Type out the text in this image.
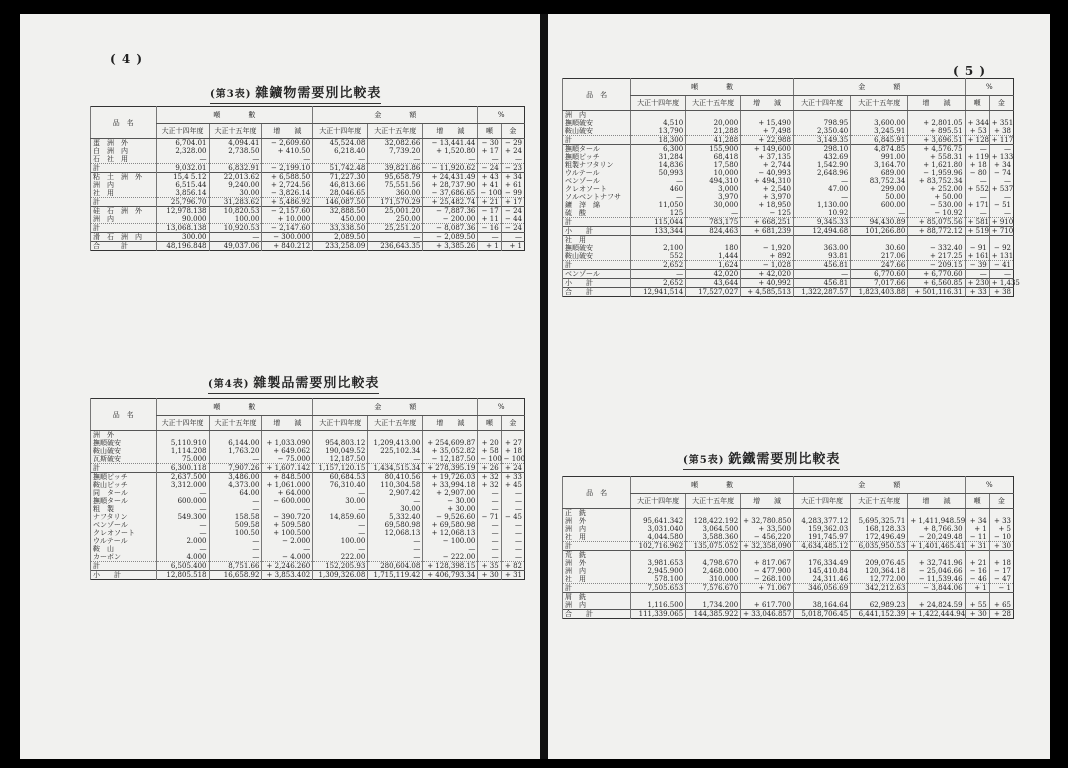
( 4 )
(第3表) 雜鑛物需要別比較表
品　名	噸　　　　數			金　　　　額			%	
	大正十四年度	大正十五年度	增　　減	大正十四年度	大正十五年度	增　　減	噸	金
蛋　洲　外	6,704.01	4,094.41	− 2,609.60	45,524.08	32,082.66	− 13,441.44	− 30	− 29
白　洲　内	2,328.00	2,738.50	+ 410.50	6,218.40	7,739.20	+ 1,520.80	+ 17	+ 24
石　社　用	—	—	—	—	—	—	—	—
計	9,032.01	6,832.91	− 2,199.10	51,742.48	39,821.86	− 11,920.62	− 24	− 23
粘　土　洲　外	15,4 5.12	22,013.62	+ 6,588.50	71,227.30	95,658.79	+ 24,431.49	+ 43	+ 34
洲　内	6,515.44	9,240.00	+ 2,724.56	46,813.66	75,551.56	+ 28,737.90	+ 41	+ 61
社　用	3,856.14	30.00	− 3,826.14	28,046.65	360.00	− 37,686.65	− 100	− 99
計	25,796.70	31,283.62	+ 5,486.92	146,087.50	171,570.29	+ 25,482.74	+ 21	+ 17
硅　石　洲　外	12,978.138	10,820.53	− 2,157.60	32,888.50	25,001.20	− 7,887.36	− 17	− 24
洲　内	90.000	100.00	+ 10.000	450.00	250.00	− 200.00	+ 11	− 44
計	13,068.138	10,920.53	− 2,147.60	33,338.50	25,251.20	− 8,087.36	− 16	− 24
滑　石　洲　内	300.00	—	− 300.000	2,089.50	—	− 2,089.50	—	—
合　　　計	48,196.848	49,037.06	+ 840.212	233,258.09	236,643.35	+ 3,385.26	+ 1	+ 1
(第4表) 雜製品需要別比較表
品　名	噸　　　　數			金　　　　額			%	
	大正十四年度	大正十五年度	增　　減	大正十四年度	大正十五年度	增　　減	噸	金
洲　外								
撫順破安	5,110.910	6,144.00	+ 1,033.090	954,803.12	1,209,413.00	+ 254,609.87	+ 20	+ 27
鞍山破安	1,114.208	1,763.20	+ 649.062	190,049.52	225,102.34	+ 35,052.82	+ 58	+ 18
瓦斯破安	75.000	—	− 75.000	12,187.50	—	− 12,187.50	− 100	− 100
計	6,300.118	7,907.26	+ 1,607.142	1,157,120.15	1,434,515.34	+ 278,395.19	+ 26	+ 24
撫順ピッチ	2,637.500	3,486.00	+ 848.500	60,684.53	80,410.56	+ 19,726.03	+ 32	+ 33
鞍山ピッチ	3,312.000	4,373.00	+ 1,061.000	76,310.40	110,304.58	+ 33,994.18	+ 32	+ 45
同　タール	—	64.00	+ 64.000	—	2,907.42	+ 2,907.00	—	—
撫順タール	600.000	—	− 600.000	30.00	—	− 30.00	—	—
粗　製	—	—	—	—	30.00	+ 30.00	—	—
ナフタリン	549.300	158.58	− 390.720	14,859.60	5,332.40	− 9,526.60	− 71	− 45
ベンゾール	—	509.58	+ 509.580	—	69,580.98	+ 69,580.98	—	—
クレオソート	—	100.50	+ 100.500	—	12,068.13	+ 12,068.13	—	—
ウルテール	2.000	—	− 2.000	100.00	—	− 100.00	—	—
鞍　山	—	—	—	—	—	—	—	—
カーボン	4.000	—	− 4.000	222.00	—	− 222.00	—	—
計	6,505.400	8,751.66	+ 2,246.260	152,205.93	280,604.08	+ 128,398.15	+ 35	+ 82
小　　計	12,805.518	16,658.92	+ 3,853.402	1,309,326.08	1,715,119.42	+ 406,793.34	+ 30	+ 31
( 5 )
品　名	噸　　　　數			金　　　　額			%	
	大正十四年度	大正十五年度	增　　減	大正十四年度	大正十五年度	增　　減	噸	金
洲　内								
撫順破安	4,510	20,000	+ 15,490	798.95	3,600.00	+ 2,801.05	+ 344	+ 351
鞍山破安	13,790	21,288	+ 7,498	2,350.40	3,245.91	+ 895.51	+ 53	+ 38
計	18,300	41,288	+ 22,988	3,149.35	6,845.91	+ 3,696.51	+ 128	+ 117
撫順タール	6,300	155,900	+ 149,600	298.10	4,874.85	+ 4,576.75	—	—
撫順ピッチ	31,284	68,418	+ 37,135	432.69	991.00	+ 558.31	+ 119	+ 133
粗製ナフタリン	14,836	17,580	+ 2,744	1,542.90	3,164.70	+ 1,621.80	+ 18	+ 34
ウルテール	50,993	10,000	− 40,993	2,648.96	689.00	− 1,959.96	− 80	− 74
ベンゾール	—	494,310	+ 494,310	—	83,752.34	+ 83,752.34	—	—
クレオソート	460	3,000	+ 2,540	47.00	299.00	+ 252.00	+ 552	+ 537
ソルベントナフサ	—	3,970	+ 3,970	—	50.00	+ 50.00	—	—
鑛　滓　綿	11,050	30,000	+ 18,950	1,130.00	600.00	− 530.00	+ 171	− 51
硫　酸	125	—	− 125	10.92	—	− 10.92	—	—
計	115,044	783,175	+ 668,251	9,345.33	94,430.89	+ 85,075.56	+ 581	+ 910
小　　計	133,344	824,463	+ 681,239	12,494.68	101,266.80	+ 88,772.12	+ 519	+ 710
社　用								
撫順破安	2,100	180	− 1,920	363.00	30.60	− 332.40	− 91	− 92
鞍山破安	552	1,444	+ 892	93.81	217.06	+ 217.25	+ 161	+ 131
計	2,652	1,624	− 1,028	456.81	247.66	− 209.15	− 39	− 41
ベンゾール	—	42,020	+ 42,020	—	6,770.60	+ 6,770.60	—	—
小　　計	2,652	43,644	+ 40,992	456.81	7,017.66	+ 6,560.85	+ 230	+ 1,435
合　　計	12,941,514	17,527,027	+ 4,585,513	1,322,287.57	1,823,403.88	+ 501,116.31	+ 33	+ 38
(第5表) 銑鐵需要別比較表
品　名	噸　　　　數			金　　　　額			%	
	大正十四年度	大正十五年度	增　　減	大正十四年度	大正十五年度	增　　減	噸	金
正　銑								
洲　外	95,641.342	128,422.192	+ 32,780.850	4,283,377.12	5,695,325.71	+ 1,411,948.59	+ 34	+ 33
洲　内	3,031.040	3,064.500	+ 33,500	159,362.03	168,128.33	+ 8,766.30	+ 1	+ 5
社　用	4,044.580	3,588.360	− 456,220	191,745.97	172,496.49	− 20,249.48	− 11	− 10
計	102,716.962	135,075.052	+ 32,358,090	4,634,485.12	6,035,950.53	+ 1,401,465.41	+ 31	+ 30
荒　銑								
洲　外	3,981.653	4,798.670	+ 817.067	176,334.49	209,076.45	+ 32,741.96	+ 21	+ 18
洲　内	2,945.900	2,468.000	− 477.900	145,410.84	120,364.18	− 25,046.66	− 16	− 17
社　用	578.100	310.000	− 268.100	24,311.46	12,772.00	− 11,539.46	− 46	− 47
計	7,505.653	7,576.670	+ 71.067	346,056.69	342,212.63	− 3,844.06	+ 1	− 1
屑　銑								
洲　内	1,116.500	1,734.200	+ 617.700	38,164.64	62,989.23	+ 24,824.59	+ 55	+ 65
合　　計	111,339.065	144,385.922	+ 33,046.857	5,018,706.45	6,441,152.39	+ 1,422,444.94	+ 30	+ 28
